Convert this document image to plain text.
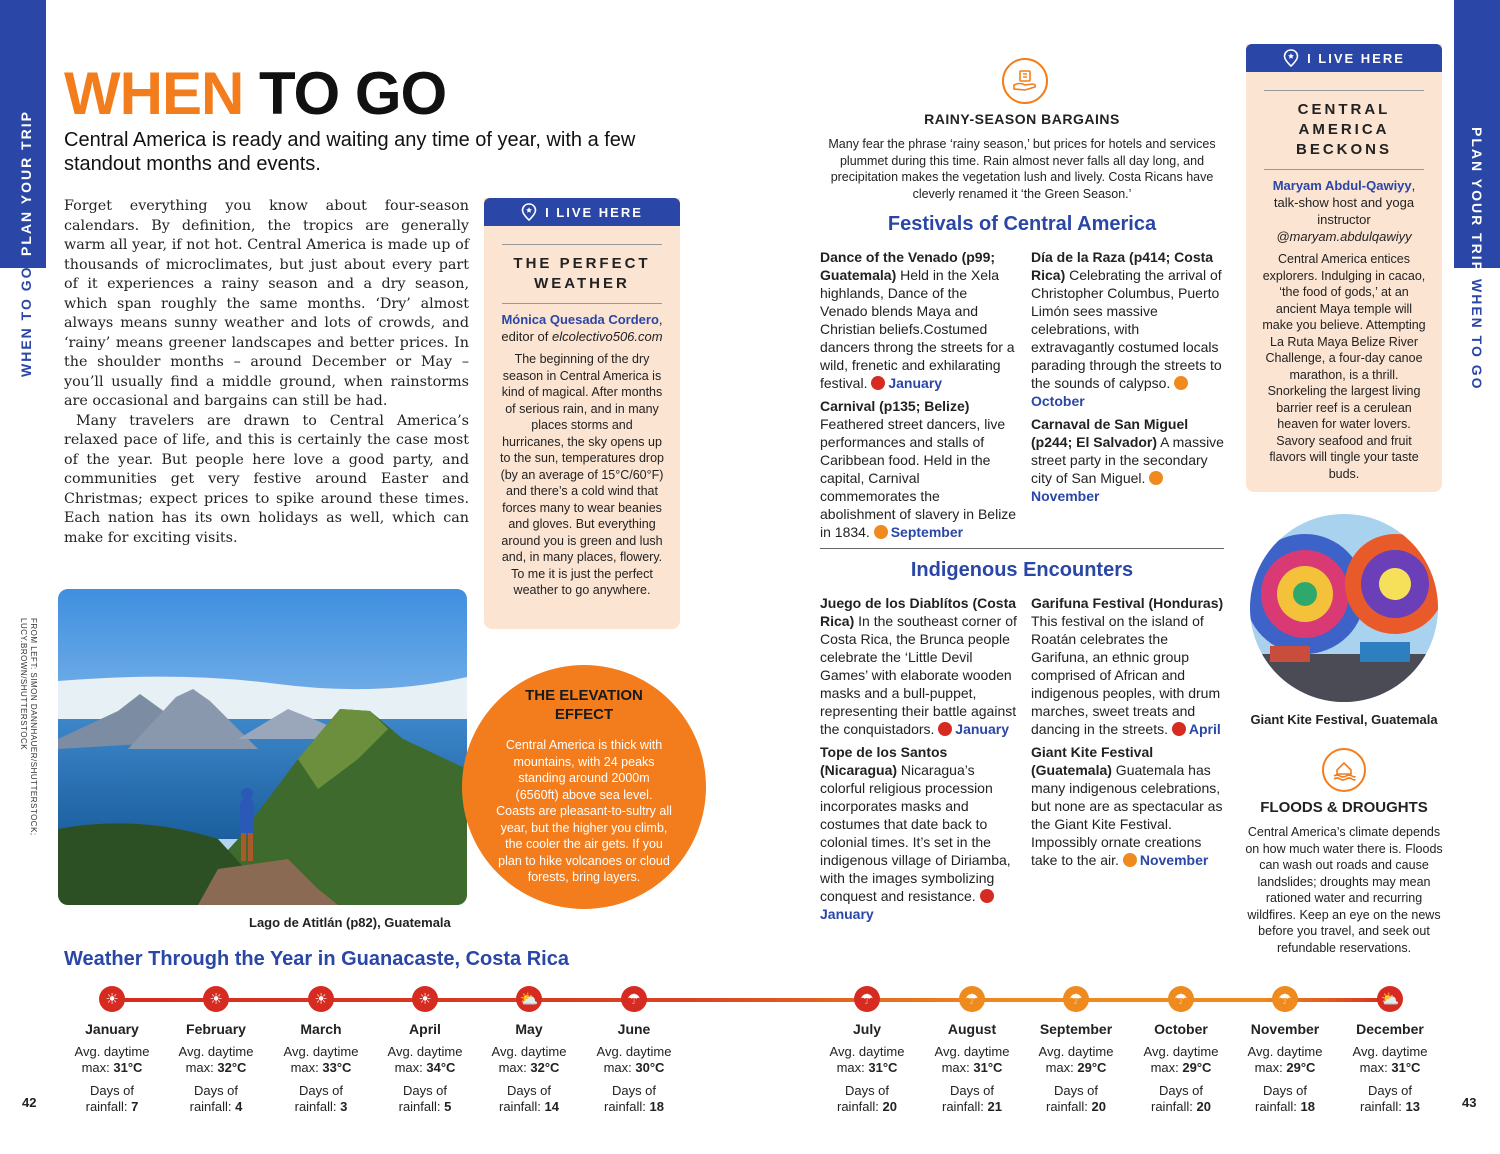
PLAN YOUR TRIP
WHEN TO GO
PLAN YOUR TRIP
WHEN TO GO
WHEN TO GO
Central America is ready and waiting any time of year, with a few standout months and events.

Forget everything you know about four-season calendars. By definition, the tropics are generally warm all year, if not hot. Central America is made up of thousands of microclimates, but just about every part of it experiences a rainy season and a dry season, which span roughly the same months. ‘Dry’ almost always means sunny weather and lots of crowds, and ‘rainy’ means greener landscapes and better prices. In the shoulder months – around December or May – you’ll usually find a middle ground, when rainstorms are occasional and bargains can still be had.

Many travelers are drawn to Central America’s relaxed pace of life, and this is certainly the case most of the year. But people here love a good party, and communities get very festive around Easter and Christmas; expect prices to spike around these times. Each nation has its own holidays as well, which can make for exciting visits.

I LIVE HERE
THE PERFECT
WEATHER
Mónica Quesada Cordero,
editor of elcolectivo506.com
The beginning of the dry season in Central America is kind of magical. After months of serious rain, and in many places storms and hurricanes, the sky opens up to the sun, temperatures drop (by an average of 15°C/60°F) and there’s a cold wind that forces many to wear beanies and gloves. But everything around you is green and lush and, in many places, flowery. To me it is just the perfect weather to go anywhere.
FROM LEFT: SIMON DANNHAUER/SHUTTERSTOCK;
LUCY.BROWN/SHUTTERSTOCK
Lago de Atitlán (p82), Guatemala
THE ELEVATION
EFFECT
Central America is thick with mountains, with 24 peaks standing around 2000m (6560ft) above sea level. Coasts are pleasant-to-sultry all year, but the higher you climb, the cooler the air gets. If you plan to hike volcanoes or cloud forests, bring layers.
RAINY-SEASON BARGAINS
Many fear the phrase ‘rainy season,’ but prices for hotels and services plummet during this time. Rain almost never falls all day long, and precipitation makes the vegetation lush and lively. Costa Ricans have cleverly renamed it ‘the Green Season.’
Festivals of Central America
Dance of the Venado (p99; Guatemala) Held in the Xela highlands, Dance of the Venado blends Maya and Christian beliefs.Costumed dancers throng the streets for a wild, frenetic and exhilarating festival. January
Carnival (p135; Belize) Feathered street dancers, live performances and stalls of Caribbean food. Held in the capital, Carnival commemorates the abolishment of slavery in Belize in 1834. September
Día de la Raza (p414; Costa Rica) Celebrating the arrival of Christopher Columbus, Puerto Limón sees massive celebrations, with extravagantly costumed locals parading through the streets to the sounds of calypso. October
Carnaval de San Miguel (p244; El Salvador) A massive street party in the secondary city of San Miguel. November
Indigenous Encounters
Juego de los Diablítos (Costa Rica) In the southeast corner of Costa Rica, the Brunca people celebrate the ‘Little Devil Games’ with elaborate wooden masks and a bull-puppet, representing their battle against the conquistadors. January
Tope de los Santos (Nicaragua) Nicaragua’s colorful religious procession incorporates masks and costumes that date back to colonial times. It’s set in the indigenous village of Diriamba, with the images symbolizing conquest and resistance. January
Garifuna Festival (Honduras) This festival on the island of Roatán celebrates the Garifuna, an ethnic group comprised of African and indigenous peoples, with drum marches, sweet treats and dancing in the streets. April
Giant Kite Festival (Guatemala) Guatemala has many indigenous celebrations, but none are as spectacular as the Giant Kite Festival. Impossibly ornate creations take to the air. November
I LIVE HERE
CENTRAL
AMERICA
BECKONS
Maryam Abdul-Qawiyy, talk-show host and yoga instructor @maryam.abdulqawiyy
Central America entices explorers. Indulging in cacao, ‘the food of gods,’ at an ancient Maya temple will make you believe. Attempting La Ruta Maya Belize River Challenge, a four-day canoe marathon, is a thrill. Snorkeling the largest living barrier reef is a cerulean heaven for water lovers. Savory seafood and fruit flavors will tingle your taste buds.
Giant Kite Festival, Guatemala
FLOODS & DROUGHTS
Central America’s climate depends on how much water there is. Floods can wash out roads and cause landslides; droughts may mean rationed water and recurring wildfires. Keep an eye on the news before you travel, and seek out refundable reservations.
Weather Through the Year in Guanacaste, Costa Rica
☀
January
Avg. daytime max: 31°C
Days of rainfall: 7
☀
February
Avg. daytime max: 32°C
Days of rainfall: 4
☀
March
Avg. daytime max: 33°C
Days of rainfall: 3
☀
April
Avg. daytime max: 34°C
Days of rainfall: 5
⛅
May
Avg. daytime max: 32°C
Days of rainfall: 14
☂
June
Avg. daytime max: 30°C
Days of rainfall: 18
☂
July
Avg. daytime max: 31°C
Days of rainfall: 20
☂
August
Avg. daytime max: 31°C
Days of rainfall: 21
☂
September
Avg. daytime max: 29°C
Days of rainfall: 20
☂
October
Avg. daytime max: 29°C
Days of rainfall: 20
☂
November
Avg. daytime max: 29°C
Days of rainfall: 18
⛅
December
Avg. daytime max: 31°C
Days of rainfall: 13
42	43
